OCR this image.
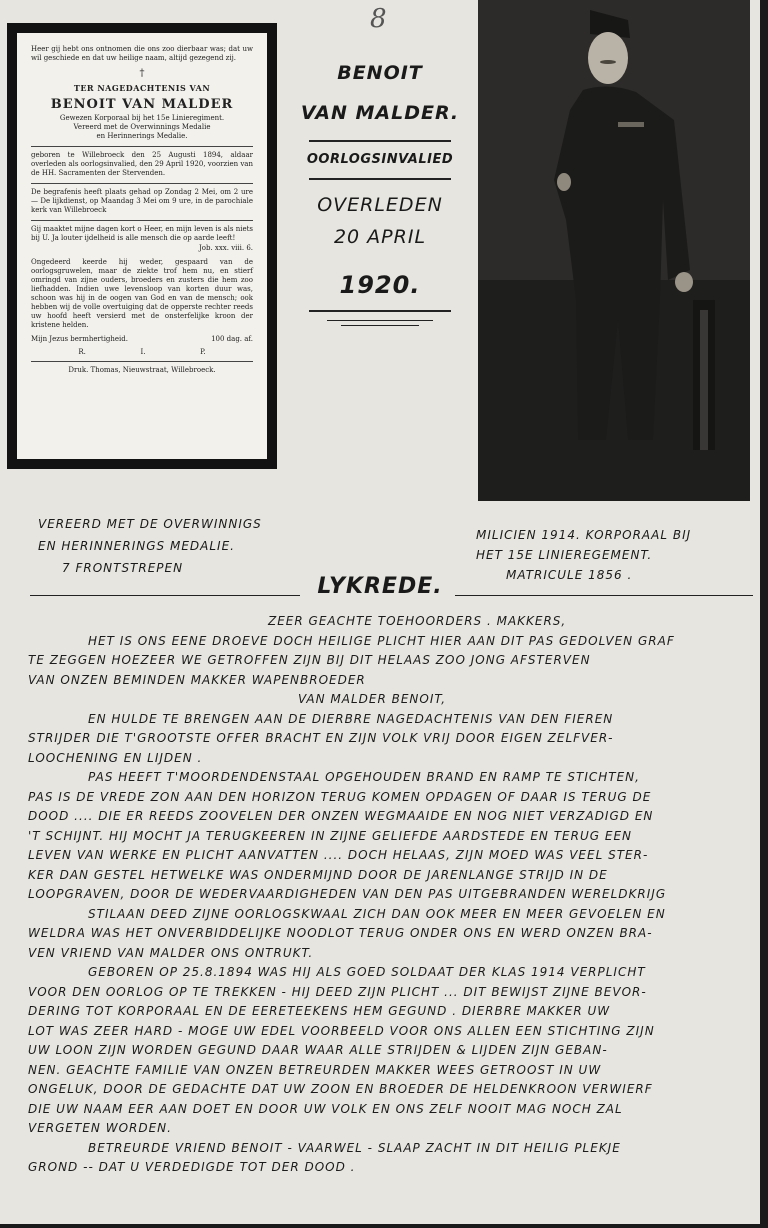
8

Heer gij hebt ons ontnomen die ons zoo dierbaar was; dat uw wil geschiede en dat uw heilige naam, altijd gezegend zij.

†

TER NAGEDACHTENIS VAN

BENOIT VAN MALDER

Gewezen Korporaal bij het 15e Linieregiment.

Vereerd met de Overwinnings Medalie

en Herinnerings Medalie.

geboren te Willebroeck den 25 Augusti 1894, aldaar overleden als oorlogsinvalied, den 29 April 1920, voorzien van de HH. Sacramenten der Stervenden.

De begrafenis heeft plaats gehad op Zondag 2 Mei, om 2 ure — De lijkdienst, op Maandag 3 Mei om 9 ure, in de parochiale kerk van Willebroeck

Gij maaktet mijne dagen kort o Heer, en mijn leven is als niets bij U. Ja louter ijdelheid is alle mensch die op aarde leeft!

Job. xxx. viii. 6.

Ongedeerd keerde hij weder, gespaard van de oorlogsgruwelen, maar de ziekte trof hem nu, en stierf omringd van zijne ouders, broeders en zusters die hem zoo liefhadden. Indien uwe levensloop van korten duur was, schoon was hij in de oogen van God en van de mensch; ook hebben wij de volle overtuiging dat de opperste rechter reeds uw hoofd heeft versierd met de onsterfelijke kroon der kristene helden.

Mijn Jezus bermhertigheid.	100 dag. af.
R.	I.	P.

Druk. Thomas, Nieuwstraat, Willebroeck.

BENOIT
VAN MALDER.
OORLOGSINVALIED
OVERLEDEN
20 APRIL
1920.
VEREERD MET DE OVERWINNIGS
EN HERINNERINGS MEDALIE.
7 FRONTSTREPEN
MILICIEN 1914. KORPORAAL BIJ
HET 15E LINIEREGEMENT.
MATRICULE 1856 .
LYKREDE.
ZEER GEACHTE TOEHOORDERS . MAKKERS,
HET IS ONS EENE DROEVE DOCH HEILIGE PLICHT HIER AAN DIT PAS GEDOLVEN GRAF
TE ZEGGEN HOEZEER WE GETROFFEN ZIJN BIJ DIT HELAAS ZOO JONG AFSTERVEN
VAN ONZEN BEMINDEN MAKKER WAPENBROEDER
VAN MALDER BENOIT,
EN HULDE TE BRENGEN AAN DE DIERBRE NAGEDACHTENIS VAN DEN FIEREN
STRIJDER DIE T'GROOTSTE OFFER BRACHT EN ZIJN VOLK VRIJ DOOR EIGEN ZELFVER-
LOOCHENING EN LIJDEN .
PAS HEEFT T'MOORDENDENSTAAL OPGEHOUDEN BRAND EN RAMP TE STICHTEN,
PAS IS DE VREDE ZON AAN DEN HORIZON TERUG KOMEN OPDAGEN OF DAAR IS TERUG DE
DOOD .... DIE ER REEDS ZOOVELEN DER ONZEN WEGMAAIDE EN NOG NIET VERZADIGD EN
'T SCHIJNT. HIJ MOCHT JA TERUGKEEREN IN ZIJNE GELIEFDE AARDSTEDE EN TERUG EEN
LEVEN VAN WERKE EN PLICHT AANVATTEN .... DOCH HELAAS, ZIJN MOED WAS VEEL STER-
KER DAN GESTEL HETWELKE WAS ONDERMIJND DOOR DE JARENLANGE STRIJD IN DE
LOOPGRAVEN, DOOR DE WEDERVAARDIGHEDEN VAN DEN PAS UITGEBRANDEN WERELDKRIJG
STILAAN DEED ZIJNE OORLOGSKWAAL ZICH DAN OOK MEER EN MEER GEVOELEN EN
WELDRA WAS HET ONVERBIDDELIJKE NOODLOT TERUG ONDER ONS EN WERD ONZEN BRA-
VEN VRIEND VAN MALDER ONS ONTRUKT.
GEBOREN OP 25.8.1894 WAS HIJ ALS GOED SOLDAAT DER KLAS 1914 VERPLICHT
VOOR DEN OORLOG OP TE TREKKEN - HIJ DEED ZIJN PLICHT ... DIT BEWIJST ZIJNE BEVOR-
DERING TOT KORPORAAL EN DE EERETEEKENS HEM GEGUND . DIERBRE MAKKER UW
LOT WAS ZEER HARD - MOGE UW EDEL VOORBEELD VOOR ONS ALLEN EEN STICHTING ZIJN
UW LOON ZIJN WORDEN GEGUND DAAR WAAR ALLE STRIJDEN & LIJDEN ZIJN GEBAN-
NEN. GEACHTE FAMILIE VAN ONZEN BETREURDEN MAKKER WEES GETROOST IN UW
ONGELUK, DOOR DE GEDACHTE DAT UW ZOON EN BROEDER DE HELDENKROON VERWIERF
DIE UW NAAM EER AAN DOET EN DOOR UW VOLK EN ONS ZELF NOOIT MAG NOCH ZAL
VERGETEN WORDEN.
BETREURDE VRIEND BENOIT - VAARWEL - SLAAP ZACHT IN DIT HEILIG PLEKJE
GROND -- DAT U VERDEDIGDE TOT DER DOOD .
